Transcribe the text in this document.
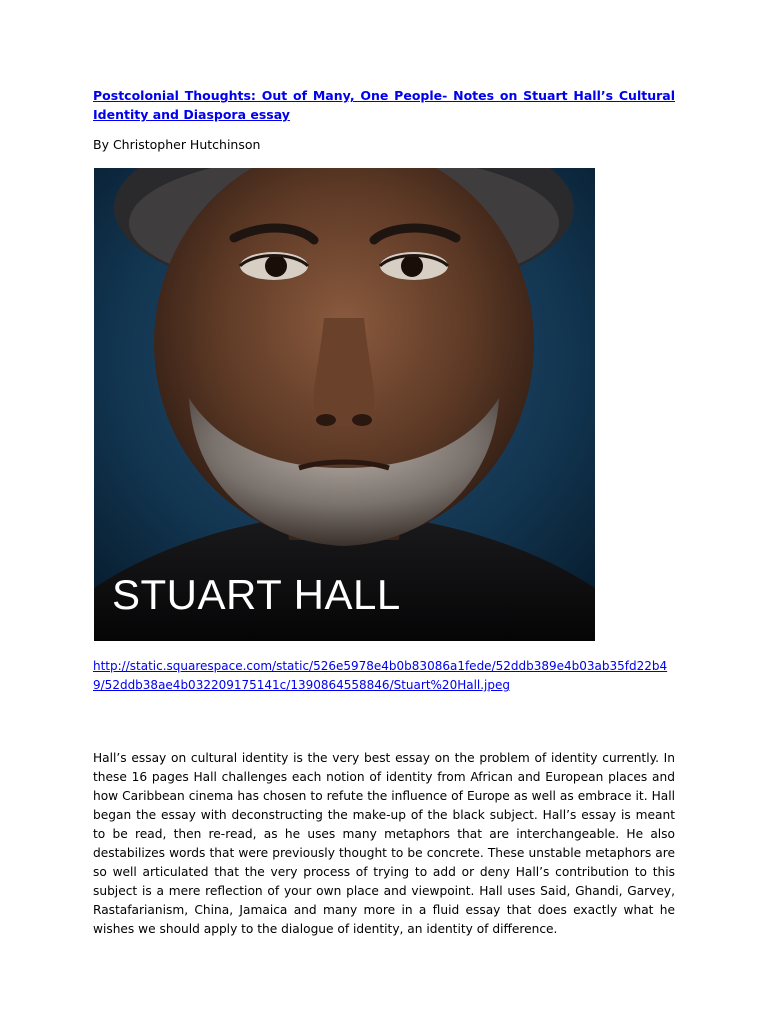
Postcolonial Thoughts: Out of Many, One People- Notes on Stuart Hall’s Cultural Identity and Diaspora essay
By Christopher Hutchinson
STUART HALL
http://static.squarespace.com/static/526e5978e4b0b83086a1fede/52ddb389e4b03ab35fd22b49/52ddb38ae4b032209175141c/1390864558846/Stuart%20Hall.jpeg

Hall’s essay on cultural identity is the very best essay on the problem of identity currently. In these 16 pages Hall challenges each notion of identity from African and European places and how Caribbean cinema has chosen to refute the influence of Europe as well as embrace it. Hall began the essay with deconstructing the make-up of the black subject. Hall’s essay is meant to be read, then re-read, as he uses many metaphors that are interchangeable. He also destabilizes words that were previously thought to be concrete. These unstable metaphors are so well articulated that the very process of trying to add or deny Hall’s contribution to this subject is a mere reflection of your own place and viewpoint. Hall uses Said, Ghandi, Garvey, Rastafarianism, China, Jamaica and many more in a fluid essay that does exactly what he wishes we should apply to the dialogue of identity, an identity of difference.
